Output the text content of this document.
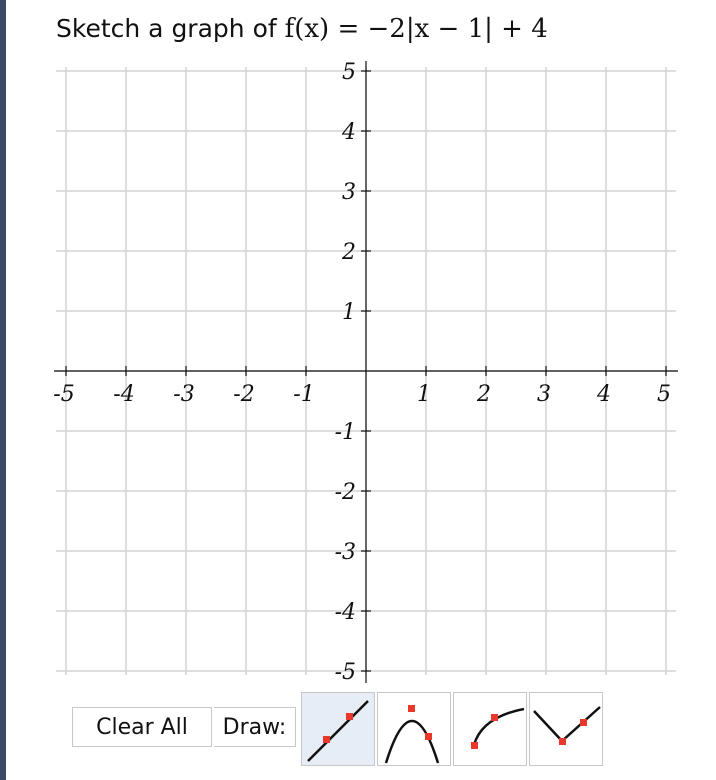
Sketch a graph of f(x) = −2|x − 1| + 4
-5 -4 -3 -2 -1	1 2 3 4 5
5
4
3
2
1
-1
-2
-3
-4
-5
Clear All	Draw:
